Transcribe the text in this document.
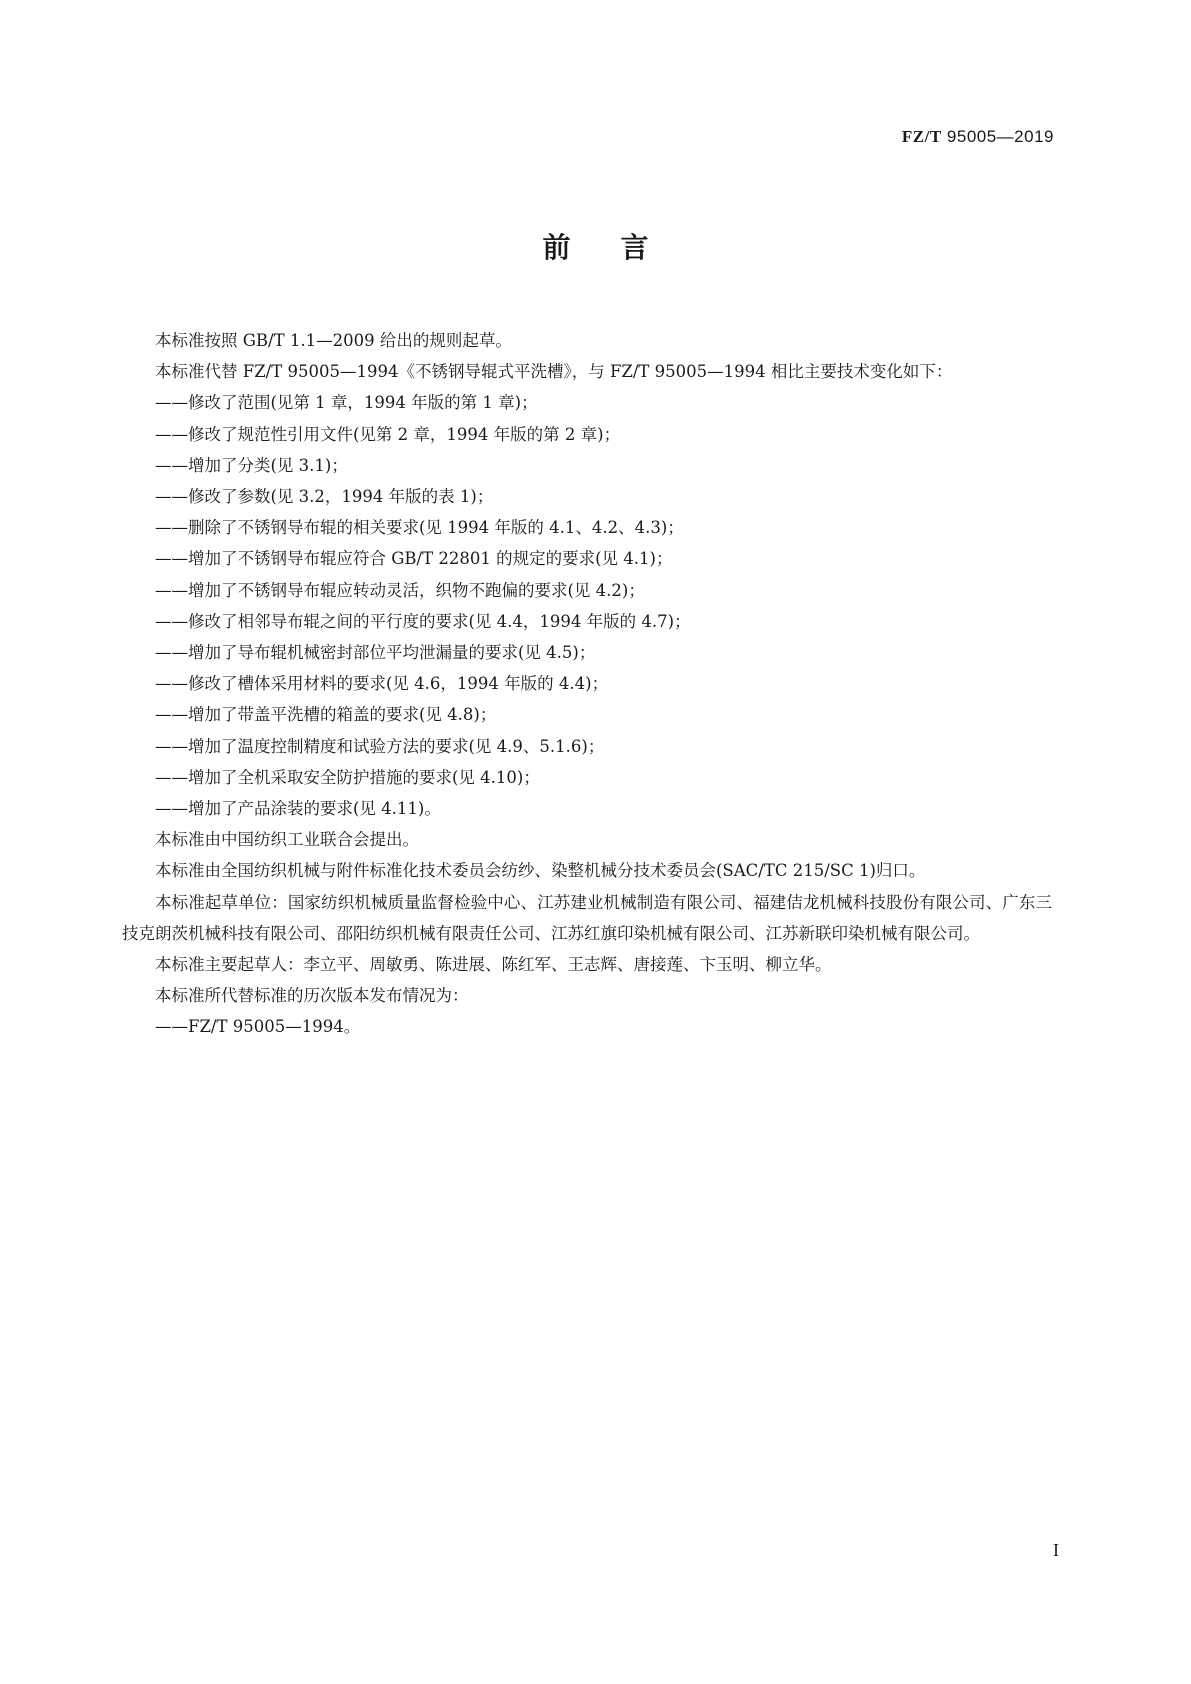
FZ/T 95005—2019
前言

本标准按照 GB/T 1.1—2009 给出的规则起草。

本标准代替 FZ/T 95005—1994《不锈钢导辊式平洗槽》，与 FZ/T 95005—1994 相比主要技术变化如下：

——修改了范围(见第 1 章，1994 年版的第 1 章)；
——修改了规范性引用文件(见第 2 章，1994 年版的第 2 章)；
——增加了分类(见 3.1)；
——修改了参数(见 3.2，1994 年版的表 1)；
——删除了不锈钢导布辊的相关要求(见 1994 年版的 4.1、4.2、4.3)；
——增加了不锈钢导布辊应符合 GB/T 22801 的规定的要求(见 4.1)；
——增加了不锈钢导布辊应转动灵活，织物不跑偏的要求(见 4.2)；
——修改了相邻导布辊之间的平行度的要求(见 4.4，1994 年版的 4.7)；
——增加了导布辊机械密封部位平均泄漏量的要求(见 4.5)；
——修改了槽体采用材料的要求(见 4.6，1994 年版的 4.4)；
——增加了带盖平洗槽的箱盖的要求(见 4.8)；
——增加了温度控制精度和试验方法的要求(见 4.9、5.1.6)；
——增加了全机采取安全防护措施的要求(见 4.10)；
——增加了产品涂装的要求(见 4.11)。

本标准由中国纺织工业联合会提出。

本标准由全国纺织机械与附件标准化技术委员会纺纱、染整机械分技术委员会(SAC/TC 215/SC 1)归口。

本标准起草单位：国家纺织机械质量监督检验中心、江苏建业机械制造有限公司、福建佶龙机械科技股份有限公司、广东三技克朗茨机械科技有限公司、邵阳纺织机械有限责任公司、江苏红旗印染机械有限公司、江苏新联印染机械有限公司。

本标准主要起草人：李立平、周敏勇、陈进展、陈红军、王志辉、唐接莲、卞玉明、柳立华。

本标准所代替标准的历次版本发布情况为：

——FZ/T 95005—1994。
I
